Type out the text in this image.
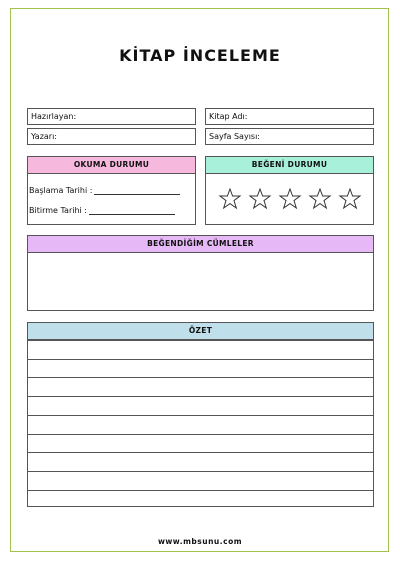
KİTAP İNCELEME
Hazırlayan:	Kitap Adı:
Yazarı:	Sayfa Sayısı:
OKUMA DURUMU
Başlama Tarihi :
Bitirme Tarihi :
BEĞENİ DURUMU
BEĞENDİĞİM CÜMLELER
ÖZET
www.mbsunu.com
